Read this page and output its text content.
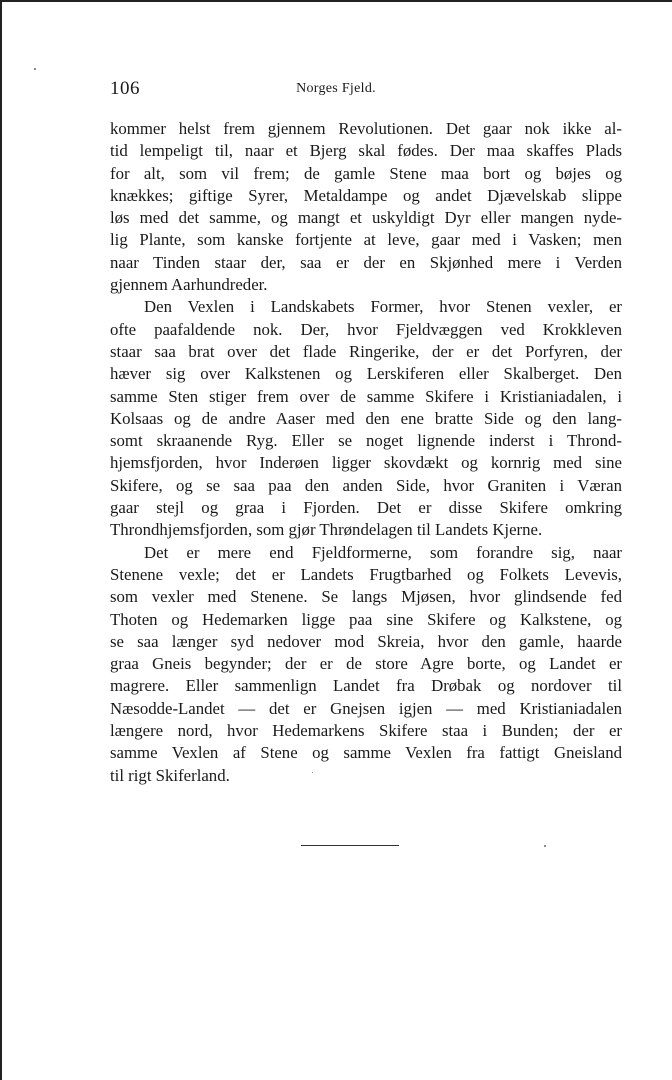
106	Norges Fjeld.
kommer helst frem gjennem Revolutionen. Det gaar nok ikke al-
tid lempeligt til, naar et Bjerg skal fødes. Der maa skaffes Plads
for alt, som vil frem; de gamle Stene maa bort og bøjes og
knækkes; giftige Syrer, Metaldampe og andet Djævelskab slippe
løs med det samme, og mangt et uskyldigt Dyr eller mangen nyde-
lig Plante, som kanske fortjente at leve, gaar med i Vasken; men
naar Tinden staar der, saa er der en Skjønhed mere i Verden
gjennem Aarhundreder.
Den Vexlen i Landskabets Former, hvor Stenen vexler, er
ofte paafaldende nok. Der, hvor Fjeldvæggen ved Krokkleven
staar saa brat over det flade Ringerike, der er det Porfyren, der
hæver sig over Kalkstenen og Lerskiferen eller Skalberget. Den
samme Sten stiger frem over de samme Skifere i Kristianiadalen, i
Kolsaas og de andre Aaser med den ene bratte Side og den lang-
somt skraanende Ryg. Eller se noget lignende inderst i Thrond-
hjemsfjorden, hvor Inderøen ligger skovdækt og kornrig med sine
Skifere, og se saa paa den anden Side, hvor Graniten i Væran
gaar stejl og graa i Fjorden. Det er disse Skifere omkring
Throndhjemsfjorden, som gjør Thrøndelagen til Landets Kjerne.
Det er mere end Fjeldformerne, som forandre sig, naar
Stenene vexle; det er Landets Frugtbarhed og Folkets Levevis,
som vexler med Stenene. Se langs Mjøsen, hvor glindsende fed
Thoten og Hedemarken ligge paa sine Skifere og Kalkstene, og
se saa længer syd nedover mod Skreia, hvor den gamle, haarde
graa Gneis begynder; der er de store Agre borte, og Landet er
magrere. Eller sammenlign Landet fra Drøbak og nordover til
Næsodde-Landet — det er Gnejsen igjen — med Kristianiadalen
længere nord, hvor Hedemarkens Skifere staa i Bunden; der er
samme Vexlen af Stene og samme Vexlen fra fattigt Gneisland
til rigt Skiferland.
